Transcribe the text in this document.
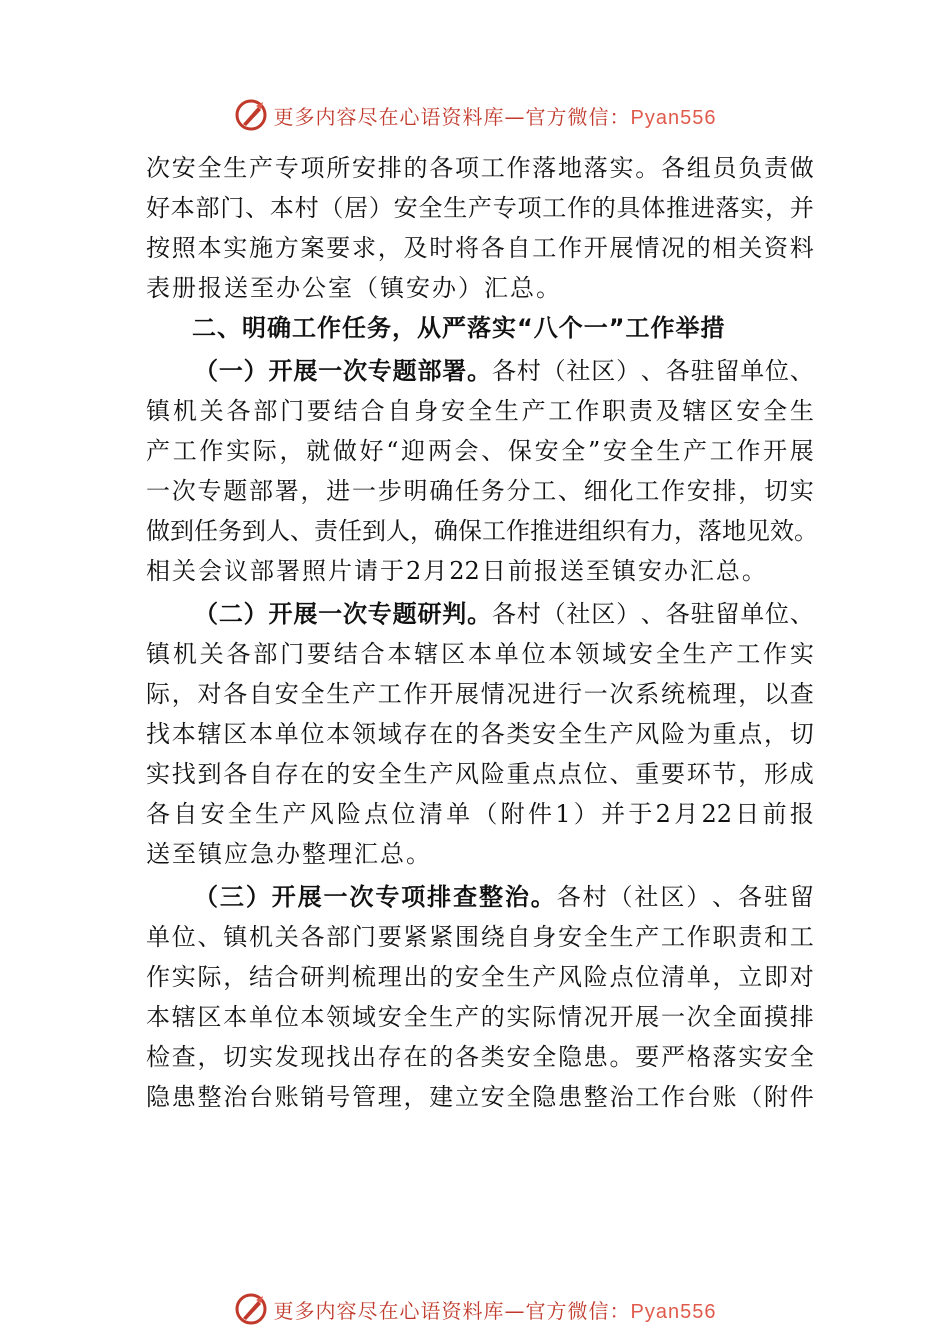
更多内容尽在心语资料库—官方微信：Pyan556
次 安 全 生 产 专 项 所 安 排 的 各 项 工 作 落 地 落 实 。 各 组 员 负 责 做
好 本 部 门 、 本 村 （ 居 ） 安 全 生 产 专 项 工 作 的 具 体 推 进 落 实 ， 并
按 照 本 实 施 方 案 要 求 ， 及 时 将 各 自 工 作 开 展 情 况 的 相 关 资 料
表 册 报 送 至 办 公 室 （ 镇 安 办 ） 汇 总 。
二、明确工作任务，从严落实“八个一”工作举措
（ 一 ） 开 展 一 次 专 题 部 署 。 各 村 （ 社 区 ） 、 各 驻 留 单 位 、
镇 机 关 各 部 门 要 结 合 自 身 安 全 生 产 工 作 职 责 及 辖 区 安 全 生
产 工 作 实 际 ， 就 做 好 “ 迎 两 会 、 保 安 全 ” 安 全 生 产 工 作 开 展
一 次 专 题 部 署 ， 进 一 步 明 确 任 务 分 工 、 细 化 工 作 安 排 ， 切 实
做 到 任 务 到 人 、 责 任 到 人 ， 确 保 工 作 推 进 组 织 有 力 ， 落 地 见 效 。
相 关 会 议 部 署 照 片 请 于 2 月 22 日 前 报 送 至 镇 安 办 汇 总 。
（ 二 ） 开 展 一 次 专 题 研 判 。 各 村 （ 社 区 ） 、 各 驻 留 单 位 、
镇 机 关 各 部 门 要 结 合 本 辖 区 本 单 位 本 领 域 安 全 生 产 工 作 实
际 ， 对 各 自 安 全 生 产 工 作 开 展 情 况 进 行 一 次 系 统 梳 理 ， 以 查
找 本 辖 区 本 单 位 本 领 域 存 在 的 各 类 安 全 生 产 风 险 为 重 点 ， 切
实 找 到 各 自 存 在 的 安 全 生 产 风 险 重 点 点 位 、 重 要 环 节 ， 形 成
各 自 安 全 生 产 风 险 点 位 清 单 （ 附 件 1 ） 并 于 2 月 22 日 前 报
送 至 镇 应 急 办 整 理 汇 总 。
（ 三 ） 开 展 一 次 专 项 排 查 整 治 。 各 村 （ 社 区 ） 、 各 驻 留
单 位 、 镇 机 关 各 部 门 要 紧 紧 围 绕 自 身 安 全 生 产 工 作 职 责 和 工
作 实 际 ， 结 合 研 判 梳 理 出 的 安 全 生 产 风 险 点 位 清 单 ， 立 即 对
本 辖 区 本 单 位 本 领 域 安 全 生 产 的 实 际 情 况 开 展 一 次 全 面 摸 排
检 查 ， 切 实 发 现 找 出 存 在 的 各 类 安 全 隐 患 。 要 严 格 落 实 安 全
隐 患 整 治 台 账 销 号 管 理 ， 建 立 安 全 隐 患 整 治 工 作 台 账 （ 附 件
更多内容尽在心语资料库—官方微信：Pyan556
